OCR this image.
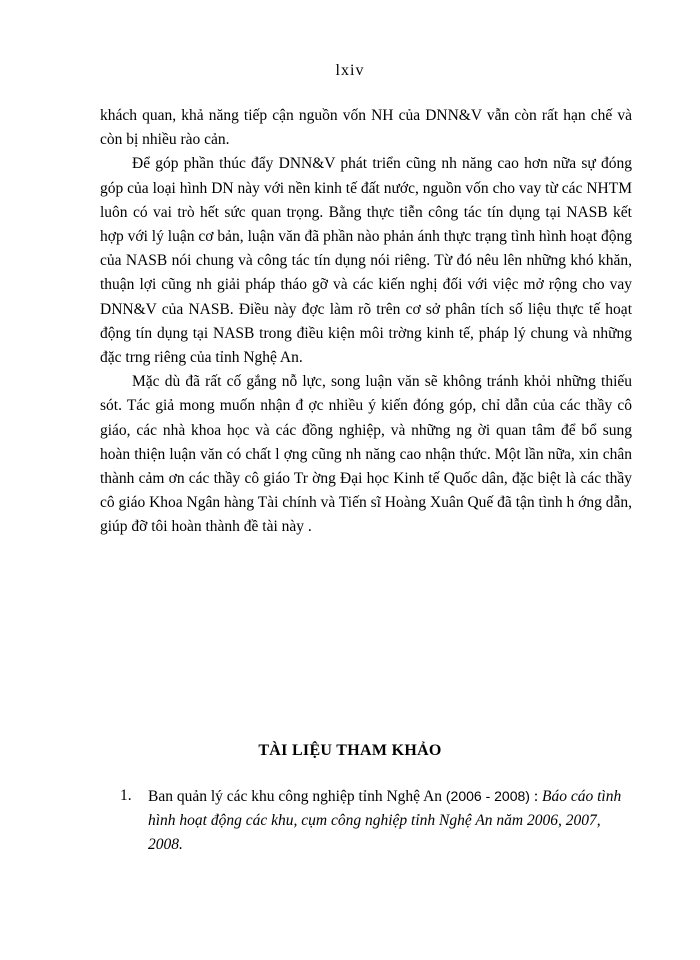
lxiv

khách quan, khả năng tiếp cận nguồn vốn NH của DNN&V vẫn còn rất hạn chế và còn bị nhiều rào cản.

Để góp phần thúc đẩy DNN&V phát triển cũng nh năng cao hơn nữa sự đóng góp của loại hình DN này với nền kinh tế đất nước, nguồn vốn cho vay từ các NHTM luôn có vai trò hết sức quan trọng. Bằng thực tiễn công tác tín dụng tại NASB kết hợp với lý luận cơ bản, luận văn đã phần nào phản ánh thực trạng tình hình hoạt động của NASB nói chung và công tác tín dụng nói riêng. Từ đó nêu lên những khó khăn, thuận lợi cũng nh giải pháp tháo gỡ và các kiến nghị đối với việc mở rộng cho vay DNN&V của NASB. Điều này đợc làm rõ trên cơ sở phân tích số liệu thực tế hoạt động tín dụng tại NASB trong điều kiện môi trờng kinh tế, pháp lý chung và những đặc trng riêng của tỉnh Nghệ An.

Mặc dù đã rất cố gắng nỗ lực, song luận văn sẽ không tránh khỏi những thiếu sót. Tác giả mong muốn nhận đ ợc nhiều ý kiến đóng góp, chỉ dẫn của các thầy cô giáo, các nhà khoa học và các đồng nghiệp, và những ng ời quan tâm để bổ sung hoàn thiện luận văn có chất l ợng cũng nh năng cao nhận thức. Một lần nữa, xin chân thành cảm ơn các thầy cô giáo Tr ờng Đại học Kinh tế Quốc dân, đặc biệt là các thầy cô giáo Khoa Ngân hàng Tài chính và Tiến sĩ Hoàng Xuân Quế đã tận tình h ớng dẫn, giúp đỡ tôi hoàn thành đề tài này .

TÀI LIỆU THAM KHẢO
1. Ban quản lý các khu công nghiệp tỉnh Nghệ An (2006 - 2008) : Báo cáo tình hình hoạt động các khu, cụm công nghiệp tỉnh Nghệ An năm 2006, 2007, 2008.
